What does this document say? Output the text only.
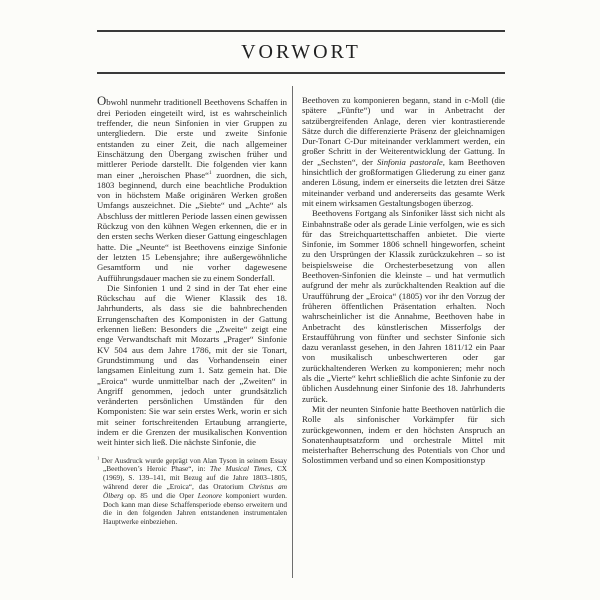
VORWORT

Obwohl nunmehr traditionell Beethovens Schaffen in drei Perioden eingeteilt wird, ist es wahrscheinlich treffender, die neun Sinfonien in vier Gruppen zu untergliedern. Die erste und zweite Sinfonie entstanden zu einer Zeit, die nach allgemeiner Einschätzung den Übergang zwischen früher und mittlerer Periode darstellt. Die folgenden vier kann man einer „heroischen Phase“$^1$ zuordnen, die sich, 1803 beginnend, durch eine beachtliche Produktion von in höchstem Maße originären Werken großen Umfangs auszeichnet. Die „Siebte“ und „Achte“ als Abschluss der mittleren Periode lassen einen gewissen Rückzug von den kühnen Wegen erkennen, die er in den ersten sechs Werken dieser Gattung eingeschlagen hatte. Die „Neunte“ ist Beethovens einzige Sinfonie der letzten 15 Lebensjahre; ihre außergewöhnliche Gesamtform und nie vorher dagewesene Aufführungsdauer machen sie zu einem Sonderfall.

Die Sinfonien 1 und 2 sind in der Tat eher eine Rückschau auf die Wiener Klassik des 18. Jahrhunderts, als dass sie die bahnbrechenden Errungenschaften des Komponisten in der Gattung erkennen ließen: Besonders die „Zweite“ zeigt eine enge Verwandtschaft mit Mozarts „Prager“ Sinfonie KV 504 aus dem Jahre 1786, mit der sie Tonart, Grundstimmung und das Vorhandensein einer langsamen Einleitung zum 1. Satz gemein hat. Die „Eroica“ wurde unmittelbar nach der „Zweiten“ in Angriff genommen, jedoch unter grundsätzlich veränderten persönlichen Umständen für den Komponisten: Sie war sein erstes Werk, worin er sich mit seiner fortschreitenden Ertaubung arrangierte, indem er die Grenzen der musikalischen Konvention weit hinter sich ließ. Die nächste Sinfonie, die

$^1$ Der Ausdruck wurde geprägt von Alan Tyson in seinem Essay „Beethoven’s Heroic Phase“, in: The Musical Times, CX (1969), S. 139–141, mit Bezug auf die Jahre 1803–1805, während derer die „Eroica“, das Oratorium Christus am Ölberg op. 85 und die Oper Leonore komponiert wurden. Doch kann man diese Schaffensperiode ebenso erweitern und die in den folgenden Jahren entstandenen instrumentalen Hauptwerke einbeziehen.

Beethoven zu komponieren begann, stand in c-Moll (die spätere „Fünfte“) und war in Anbetracht der satzübergreifenden Anlage, deren vier kontrastierende Sätze durch die differenzierte Präsenz der gleichnamigen Dur-Tonart C-Dur miteinander verklammert werden, ein großer Schritt in der Weiterentwicklung der Gattung. In der „Sechsten“, der Sinfonia pastorale, kam Beethoven hinsichtlich der großformatigen Gliederung zu einer ganz anderen Lösung, indem er einerseits die letzten drei Sätze miteinander verband und andererseits das gesamte Werk mit einem wirksamen Gestaltungsbogen überzog.

Beethovens Fortgang als Sinfoniker lässt sich nicht als Einbahnstraße oder als gerade Linie verfolgen, wie es sich für das Streichquartettschaffen anbietet. Die vierte Sinfonie, im Sommer 1806 schnell hingeworfen, scheint zu den Ursprüngen der Klassik zurückzukehren – so ist beispielsweise die Orchesterbesetzung von allen Beethoven-Sinfonien die kleinste – und hat vermutlich aufgrund der mehr als zurückhaltenden Reaktion auf die Uraufführung der „Eroica“ (1805) vor ihr den Vorzug der früheren öffentlichen Präsentation erhalten. Noch wahrscheinlicher ist die Annahme, Beethoven habe in Anbetracht des künstlerischen Misserfolgs der Erstaufführung von fünfter und sechster Sinfonie sich dazu veranlasst gesehen, in den Jahren 1811/12 ein Paar von musikalisch unbeschwerteren oder gar zurückhaltenderen Werken zu komponieren; mehr noch als die „Vierte“ kehrt schließlich die achte Sinfonie zu der üblichen Ausdehnung einer Sinfonie des 18. Jahrhunderts zurück.

Mit der neunten Sinfonie hatte Beethoven natürlich die Rolle als sinfonischer Vorkämpfer für sich zurückgewonnen, indem er den höchsten Anspruch an Sonatenhauptsatzform und orchestrale Mittel mit meisterhafter Beherrschung des Potentials von Chor und Solostimmen verband und so einen Kompositionstyp
